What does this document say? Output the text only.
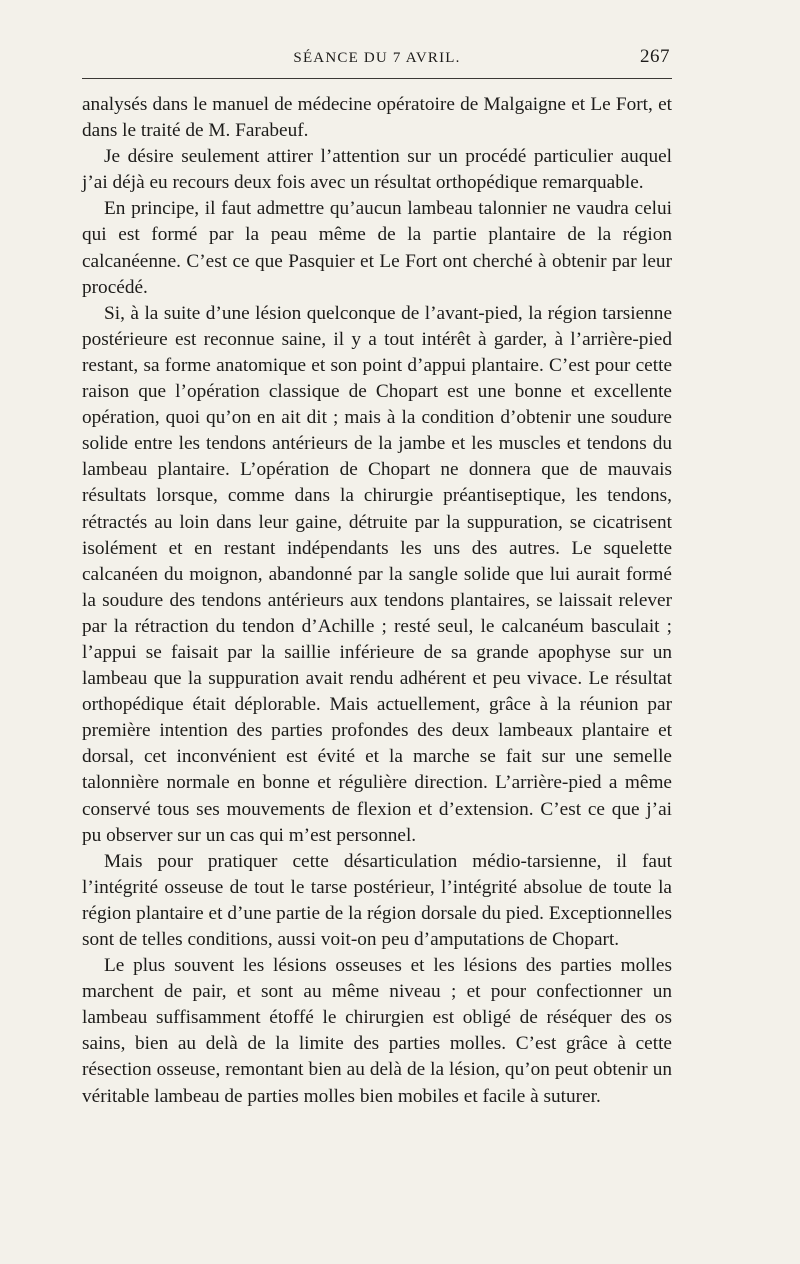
SÉANCE DU 7 AVRIL.	267

analysés dans le manuel de médecine opératoire de Malgaigne et Le Fort, et dans le traité de M. Farabeuf.

Je désire seulement attirer l’attention sur un procédé particulier auquel j’ai déjà eu recours deux fois avec un résultat orthopédique remarquable.

En principe, il faut admettre qu’aucun lambeau talonnier ne vaudra celui qui est formé par la peau même de la partie plantaire de la région calcanéenne. C’est ce que Pasquier et Le Fort ont cherché à obtenir par leur procédé.

Si, à la suite d’une lésion quelconque de l’avant-pied, la région tarsienne postérieure est reconnue saine, il y a tout intérêt à garder, à l’arrière-pied restant, sa forme anatomique et son point d’appui plantaire. C’est pour cette raison que l’opération classique de Chopart est une bonne et excellente opération, quoi qu’on en ait dit ; mais à la condition d’obtenir une soudure solide entre les tendons antérieurs de la jambe et les muscles et tendons du lambeau plantaire. L’opération de Chopart ne donnera que de mauvais résultats lorsque, comme dans la chirurgie préantiseptique, les tendons, rétractés au loin dans leur gaine, détruite par la suppuration, se cicatrisent isolément et en restant indépendants les uns des autres. Le squelette calcanéen du moignon, abandonné par la sangle solide que lui aurait formé la soudure des tendons antérieurs aux tendons plantaires, se laissait relever par la rétraction du tendon d’Achille ; resté seul, le calcanéum basculait ; l’appui se faisait par la saillie inférieure de sa grande apophyse sur un lambeau que la suppuration avait rendu adhérent et peu vivace. Le résultat orthopédique était déplorable. Mais actuellement, grâce à la réunion par première intention des parties profondes des deux lambeaux plantaire et dorsal, cet inconvénient est évité et la marche se fait sur une semelle talonnière normale en bonne et régulière direction. L’arrière-pied a même conservé tous ses mouvements de flexion et d’extension. C’est ce que j’ai pu observer sur un cas qui m’est personnel.

Mais pour pratiquer cette désarticulation médio-tarsienne, il faut l’intégrité osseuse de tout le tarse postérieur, l’intégrité absolue de toute la région plantaire et d’une partie de la région dorsale du pied. Exceptionnelles sont de telles conditions, aussi voit-on peu d’amputations de Chopart.

Le plus souvent les lésions osseuses et les lésions des parties molles marchent de pair, et sont au même niveau ; et pour confectionner un lambeau suffisamment étoffé le chirurgien est obligé de réséquer des os sains, bien au delà de la limite des parties molles. C’est grâce à cette résection osseuse, remontant bien au delà de la lésion, qu’on peut obtenir un véritable lambeau de parties molles bien mobiles et facile à suturer.
